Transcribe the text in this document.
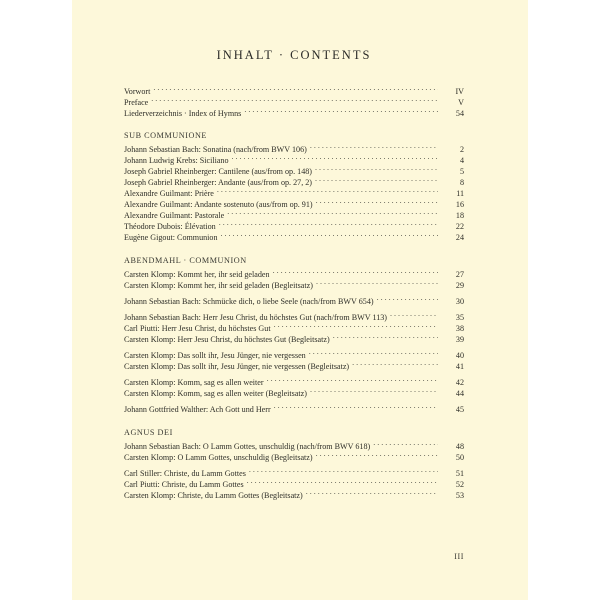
INHALT · CONTENTS
Vorwort . . .	IV
Preface . . .	V
Liederverzeichnis · Index of Hymns . . .	54
SUB COMMUNIONE
Johann Sebastian Bach: Sonatina (nach/from BWV 106) . . .	2
Johann Ludwig Krebs: Siciliano . . .	4
Joseph Gabriel Rheinberger: Cantilene (aus/from op. 148) . . .	5
Joseph Gabriel Rheinberger: Andante (aus/from op. 27, 2) . . .	8
Alexandre Guilmant: Prière . . .	11
Alexandre Guilmant: Andante sostenuto (aus/from op. 91) . . .	16
Alexandre Guilmant: Pastorale . . .	18
Théodore Dubois: Élévation . . .	22
Eugène Gigout: Communion . . .	24
ABENDMAHL · COMMUNION
Carsten Klomp: Kommt her, ihr seid geladen . . .	27
Carsten Klomp: Kommt her, ihr seid geladen (Begleitsatz) . . .	29
Johann Sebastian Bach: Schmücke dich, o liebe Seele (nach/from BWV 654) . . .	30
Johann Sebastian Bach: Herr Jesu Christ, du höchstes Gut (nach/from BWV 113) . . .	35
Carl Piutti: Herr Jesu Christ, du höchstes Gut . . .	38
Carsten Klomp: Herr Jesu Christ, du höchstes Gut (Begleitsatz) . . .	39
Carsten Klomp: Das sollt ihr, Jesu Jünger, nie vergessen . . .	40
Carsten Klomp: Das sollt ihr, Jesu Jünger, nie vergessen (Begleitsatz) . . .	41
Carsten Klomp: Komm, sag es allen weiter . . .	42
Carsten Klomp: Komm, sag es allen weiter (Begleitsatz) . . .	44
Johann Gottfried Walther: Ach Gott und Herr . . .	45
AGNUS DEI
Johann Sebastian Bach: O Lamm Gottes, unschuldig (nach/from BWV 618) . . .	48
Carsten Klomp: O Lamm Gottes, unschuldig (Begleitsatz) . . .	50
Carl Stiller: Christe, du Lamm Gottes . . .	51
Carl Piutti: Christe, du Lamm Gottes . . .	52
Carsten Klomp: Christe, du Lamm Gottes (Begleitsatz) . . .	53
III
